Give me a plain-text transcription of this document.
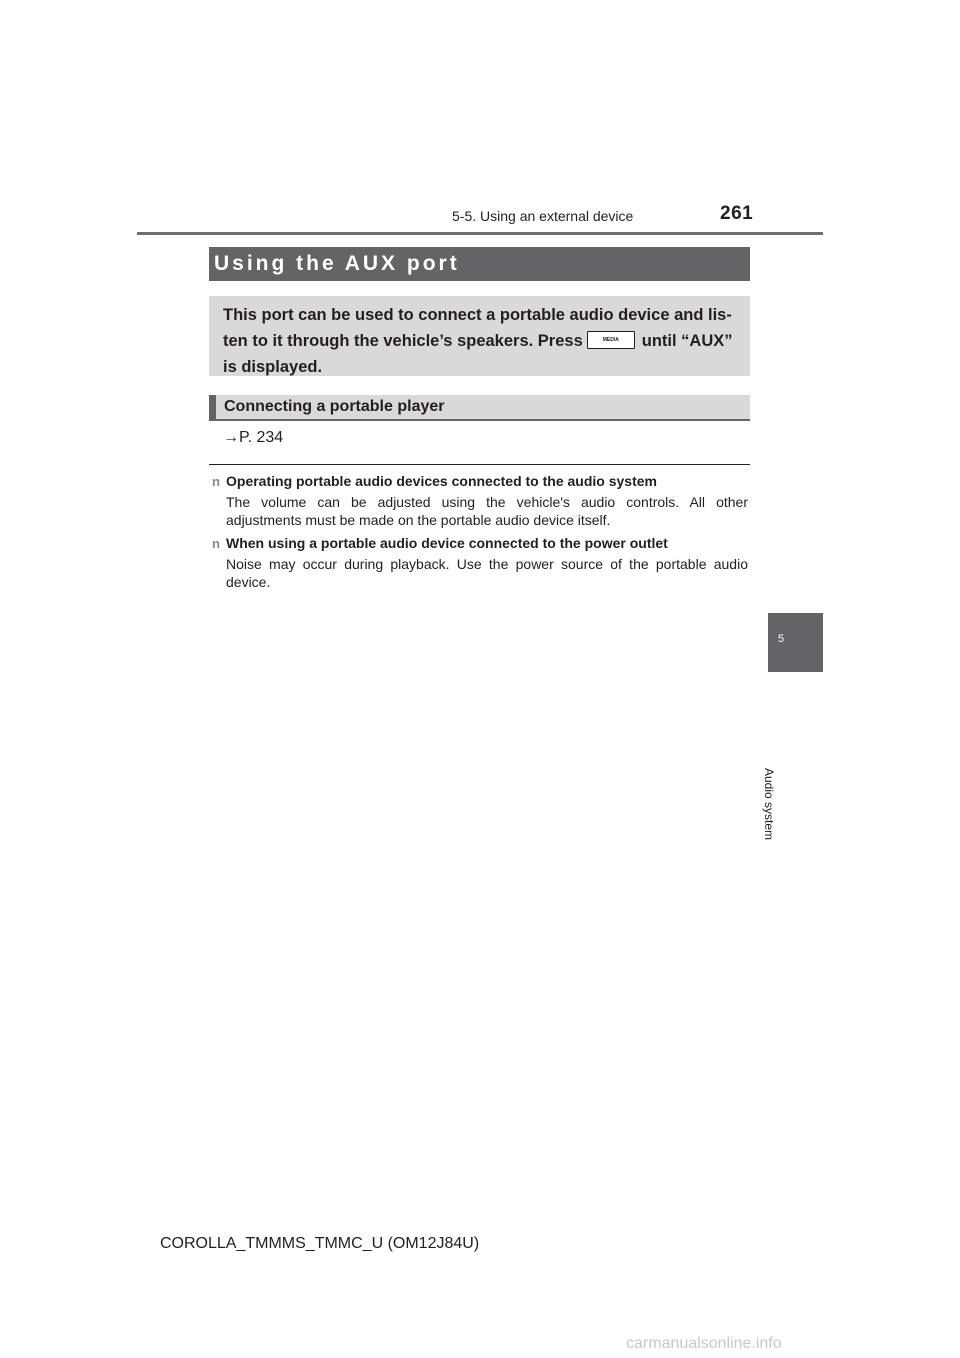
5-5. Using an external device	261
Using the AUX port
This port can be used to connect a portable audio device and lis-ten to it through the vehicle’s speakers. Press	MEDIA until “AUX” is displayed.
Connecting a portable player
→P. 234
n Operating portable audio devices connected to the audio system
The volume can be adjusted using the vehicle's audio controls. All other adjustments must be made on the portable audio device itself.
n When using a portable audio device connected to the power outlet
Noise may occur during playback. Use the power source of the portable audio device.
5
Audio system
COROLLA_TMMMS_TMMC_U (OM12J84U)
carmanualsonline.info
